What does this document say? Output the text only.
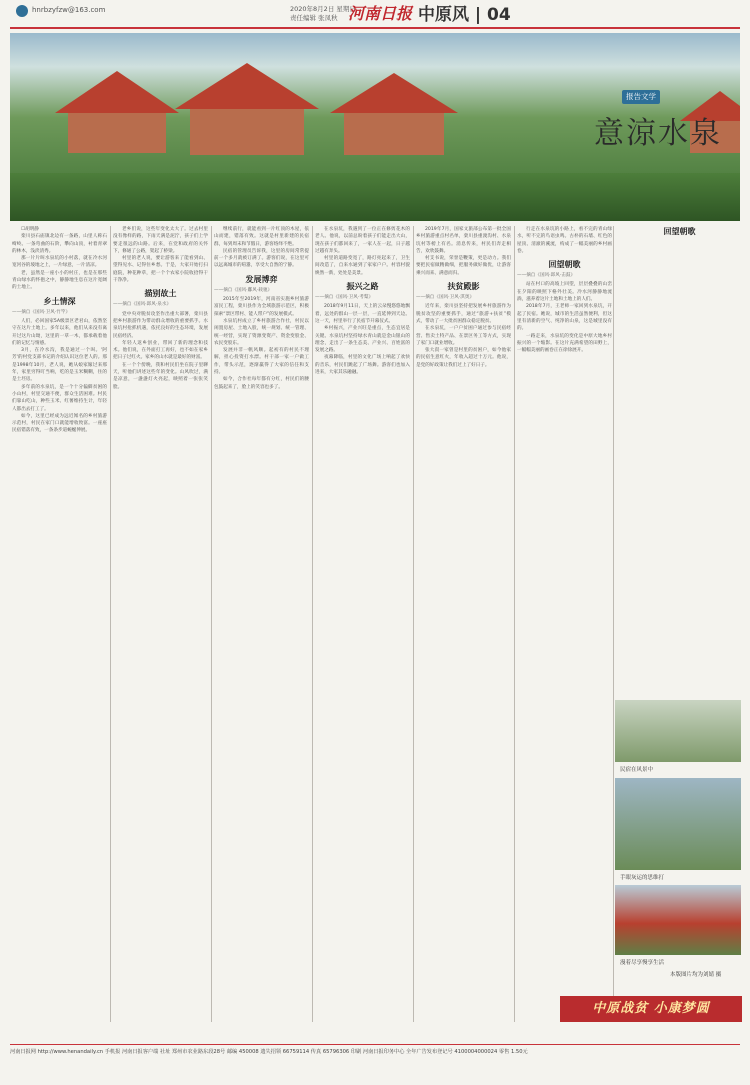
hnrbzyfzw@163.com	2020年8月2日 星期日
责任编辑 张凤秋 河南日报 中原风 | 04
报告文学
意涼水泉
☐胡明静
栾川县石庙镇北边有一条路，山里人称石崎岭。一条弯曲的石阶，攀向山顶，衬着青翠的林木，浅淡清秀。
那一片片叫水泉坑的小村落，就在冷水河宽河谷的坡地之上，一片绿意，一片清凉。
老，虽然是一座小小的村庄，也是在那些青山绿水的怀抱之中，静静地生息在这片宽阔的土地上。
乡土情深
——摘自《国风·卫风·竹竿》
人们，必回国家5A级景区老君山，依然坚守在这片土地上。多年以来，他们从来没有离开过这片山坳，这里的一草一木，都承载着他们的记忆与情感。
3月，在冷水沟，我是通过一个叫。'阿芳'的村党支部书记的介绍认识这位老人的。那是1998年10月，老人说，她从娘家嫁过来那年，家里穷得叮当响，吃的是玉米糊糊，住的是土坯房。
多年前的水泉坑，是一个十分偏僻贫困的小山村，村里交通不便，群众生活困难。村民们靠山吃山，种些玉米、红薯维持生计，年轻人都出去打工了。
如今，这里已经成为远近闻名的乡村旅游示范村，村民在家门口就能增收致富。一座座民宿错落有致，一条条步道蜿蜒伸展。
老乡们说，这些年变化太大了。过去村里没有像样的路，下雨天满是泥泞，孩子们上学要走很远的山路。后来，在党和政府的关怀下，修通了公路，架起了桥梁。
村里的老人说，要让游客来了能看到山、望得见水、记得住乡愁。于是，大家开始打扫庭院，种花种草，把一个个农家小院收拾得干干净净。
描别故土
——摘自《国风·邶风·泉水》
党中央对脱贫攻坚作出重大部署，栾川县把乡村旅游作为带动群众增收的重要抓手。水泉坑村抢抓机遇，依托良好的生态环境，发展民宿经济。
年轻人返乡创业，带回了新的理念和技术。他们说，在外面打工再好，也不如在家乡把日子过红火。家乡的山水就是最好的财富。
在一个个傍晚，我和村民们坐在院子里聊天，听他们讲述这些年的变化。山风吹过，满是凉意，一盏盏灯火亮起，映照着一张张笑脸。
继续前行，就能看到一片红顶的木屋，依山而建，错落有致。这就是村里新建的民宿群，每到周末和节假日，游客络绎不绝。
民宿的管理员告诉我，这里的房间常常提前一个多月就被订满了。游客们说，在这里可以远离城市的喧嚣，享受大自然的宁静。
发展博弈
——摘自《国风·鄘风·载驰》
2015年至2019年，河南省实施乡村旅游富民工程，栾川县作为全域旅游示范区，积极探索“景区带村、能人带户”的发展模式。
水泉坑村成立了乡村旅游合作社，村民以闲置房屋、土地入股，统一规划、统一管理、统一经营，实现了资源变资产、资金变股金、农民变股东。
发展并非一帆风顺。起初有的村民不理解，担心投资打水漂。村干部一家一户做工作，带头示范，逐渐赢得了大家的信任和支持。
如今，合作社每年都有分红，村民们的腰包鼓起来了，脸上的笑容也多了。
在水泉坑，我遇到了一位正在修剪花木的老人。他说，以前总盼着孩子们能走出大山，现在孩子们都回来了，一家人在一起，日子越过越有奔头。
村里的道路变宽了，路灯亮起来了，卫生间改造了，自来水通到了家家户户。村容村貌焕然一新，处处是美景。
振兴之路
——摘自《国风·卫风·考槃》
2018年9月11日，天上的云朵慢悠悠地飘着，远处的群山一层一层，一直延伸到天边。这一天，村里举行了民宿节开幕仪式。
乡村振兴，产业兴旺是重点，生态宜居是关键。水泉坑村坚持绿水青山就是金山银山的理念，走出了一条生态美、产业兴、百姓富的发展之路。
夜幕降临，村里的文化广场上响起了欢快的音乐，村民们跳起了广场舞。游客们也加入进来，大家其乐融融。
2019年7月，国家文旅部公布第一批全国乡村旅游重点村名单，栾川县重渡沟村、水泉坑村等榜上有名。消息传来，村民们奔走相告，欢欣鼓舞。
村支书说，荣誉是鞭策，更是动力。我们要把民宿做精做细，把服务做好做优，让游客乘兴而来、满意而归。
扶贫殿影
——摘自《国风·卫风·淇奥》
近年来，栾川县坚持把发展乡村旅游作为脱贫攻坚的重要抓手，通过“旅游+扶贫”模式，带动了一大批贫困群众稳定脱贫。
在水泉坑，一户户贫困户通过参与民宿经营、售卖土特产品、在景区务工等方式，实现了家门口就业增收。
张大叔一家曾是村里的贫困户，如今他家的民宿生意红火，年收入超过十万元。他说，是党的好政策让我们过上了好日子。
行走在水泉坑的小路上，看不完的青山绿水，听不完的鸟语虫鸣。古朴的石墙、红色的屋顶、清澈的溪流，构成了一幅美丽的乡村画卷。
回望朝歌
——摘自《国风·邶风·击鼓》
站在村口的高坡上回望，层层叠叠的山峦在夕阳的映照下格外壮美。冷水河静静地流淌，滋养着这片土地和土地上的人们。
2018年7月，王老师一家回到水泉坑，开起了民宿。她说，城市的生活虽然便利，但这里有清新的空气、纯净的山泉，这是城里没有的。
一路走来，水泉坑的变化是中原大地乡村振兴的一个缩影。在这片充满希望的田野上，一幅幅美丽的画卷正在徐徐展开。
回望朝歌
民宿在风景中
手眼灰运的思维打
漫着尽享慢享生活
本版图片均为刘婧 摄
中原战贫 小康梦圆
河南日报网 http://www.henandaily.cn 手机报 河南日报客户端 社址 郑州市农业路东段28号 邮编 450008 遗失招领 66759114 传真 65796306 印刷 河南日报印务中心 全年广告发布登记号 4100004000024 零售 1.50元
